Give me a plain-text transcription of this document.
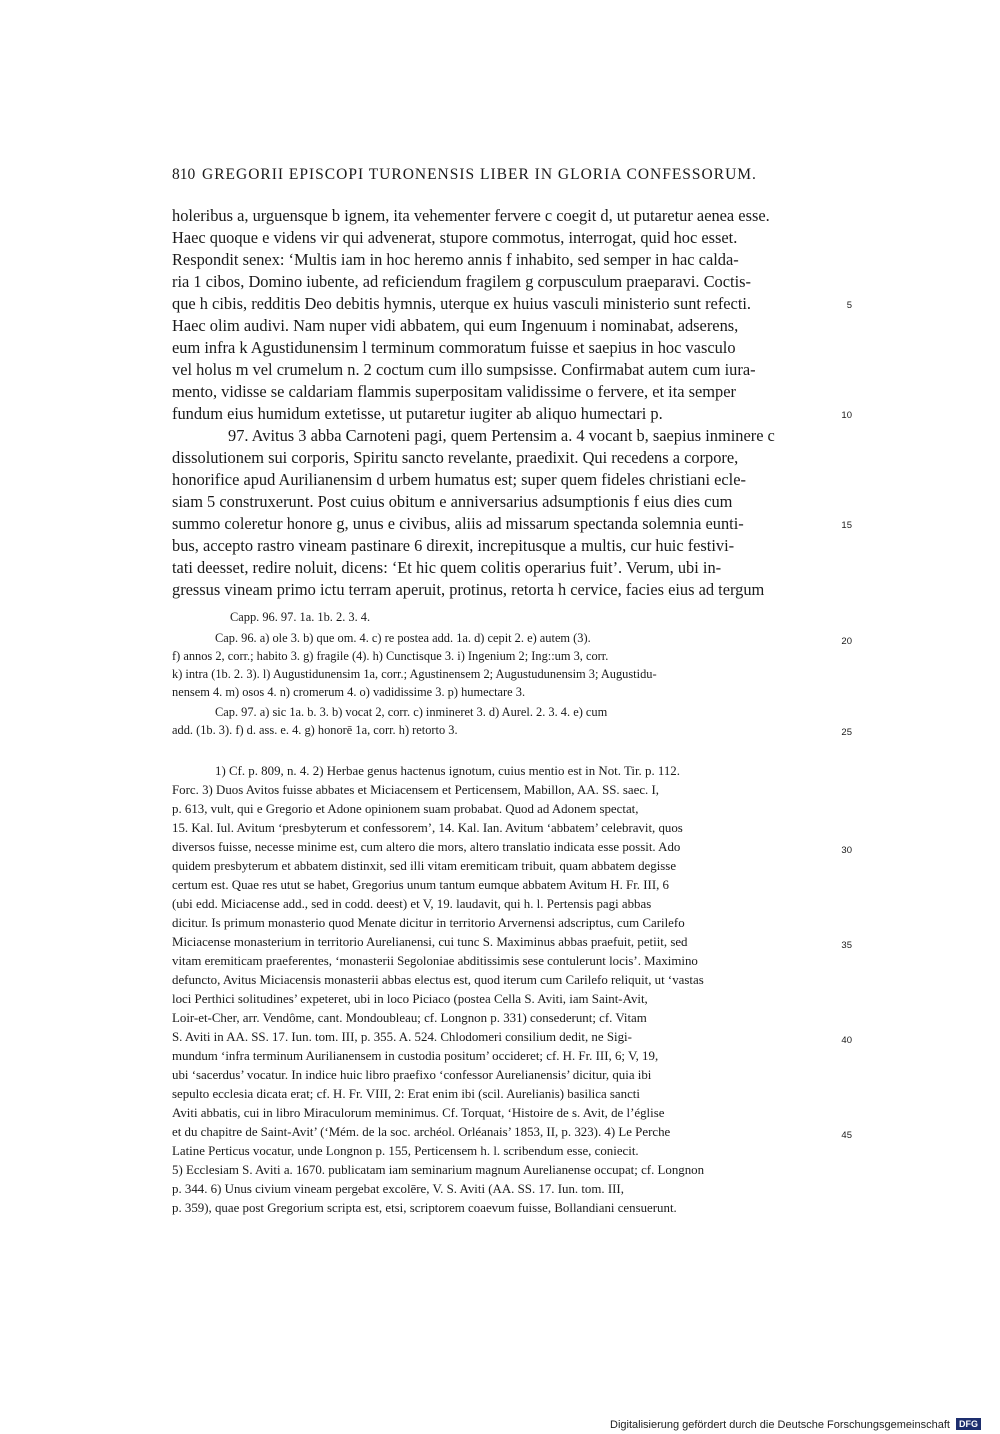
810 GREGORII EPISCOPI TURONENSIS LIBER IN GLORIA CONFESSORUM.
holeribus a, urguensque b ignem, ita vehementer fervere c coegit d, ut putaretur aenea esse.
Haec quoque e videns vir qui advenerat, stupore commotus, interrogat, quid hoc esset.
Respondit senex: ‘Multis iam in hoc heremo annis f inhabito, sed semper in hac calda-
ria 1 cibos, Domino iubente, ad reficiendum fragilem g corpusculum praeparavi. Coctis-
que h cibis, redditis Deo debitis hymnis, uterque ex huius vasculi ministerio sunt refecti.
Haec olim audivi. Nam nuper vidi abbatem, qui eum Ingenuum i nominabat, adserens,
eum infra k Agustidunensim l terminum commoratum fuisse et saepius in hoc vasculo
vel holus m vel crumelum n. 2 coctum cum illo sumpsisse. Confirmabat autem cum iura-
mento, vidisse se caldariam flammis superpositam validissime o fervere, et ita semper
fundum eius humidum extetisse, ut putaretur iugiter ab aliquo humectari p.
97. Avitus 3 abba Carnoteni pagi, quem Pertensim a. 4 vocant b, saepius inminere c
dissolutionem sui corporis, Spiritu sancto revelante, praedixit. Qui recedens a corpore,
honorifice apud Aurilianensim d urbem humatus est; super quem fideles christiani ecle-
siam 5 construxerunt. Post cuius obitum e anniversarius adsumptionis f eius dies cum
summo coleretur honore g, unus e civibus, aliis ad missarum spectanda solemnia eunti-
bus, accepto rastro vineam pastinare 6 direxit, increpitusque a multis, cur huic festivi-
tati deesset, redire noluit, dicens: ‘Et hic quem colitis operarius fuit’. Verum, ubi in-
gressus vineam primo ictu terram aperuit, protinus, retorta h cervice, facies eius ad tergum
5
10
15
Capp. 96. 97. 1a. 1b. 2. 3. 4.
Cap. 96. a) ole 3. b) que om. 4. c) re postea add. 1a. d) cepit 2. e) autem (3).
f) annos 2, corr.; habito 3. g) fragile (4). h) Cunctisque 3. i) Ingenium 2; Ing::um 3, corr.
k) intra (1b. 2. 3). l) Augustidunensim 1a, corr.; Agustinensem 2; Augustudunensim 3; Augustidu-
nensem 4. m) osos 4. n) cromerum 4. o) vadidissime 3. p) humectare 3.
Cap. 97. a) sic 1a. b. 3. b) vocat 2, corr. c) inmineret 3. d) Aurel. 2. 3. 4. e) cum
add. (1b. 3). f) d. ass. e. 4. g) honorē 1a, corr. h) retorto 3.
20
25
1) Cf. p. 809, n. 4. 2) Herbae genus hactenus ignotum, cuius mentio est in Not. Tir. p. 112.
Forc. 3) Duos Avitos fuisse abbates et Miciacensem et Perticensem, Mabillon, AA. SS. saec. I,
p. 613, vult, qui e Gregorio et Adone opinionem suam probabat. Quod ad Adonem spectat,
15. Kal. Iul. Avitum ‘presbyterum et confessorem’, 14. Kal. Ian. Avitum ‘abbatem’ celebravit, quos
diversos fuisse, necesse minime est, cum altero die mors, altero translatio indicata esse possit. Ado
quidem presbyterum et abbatem distinxit, sed illi vitam eremiticam tribuit, quam abbatem degisse
certum est. Quae res utut se habet, Gregorius unum tantum eumque abbatem Avitum H. Fr. III, 6
(ubi edd. Miciacense add., sed in codd. deest) et V, 19. laudavit, qui h. l. Pertensis pagi abbas
dicitur. Is primum monasterio quod Menate dicitur in territorio Arvernensi adscriptus, cum Carilefo
Miciacense monasterium in territorio Aurelianensi, cui tunc S. Maximinus abbas praefuit, petiit, sed
vitam eremiticam praeferentes, ‘monasterii Segoloniae abditissimis sese contulerunt locis’. Maximino
defuncto, Avitus Miciacensis monasterii abbas electus est, quod iterum cum Carilefo reliquit, ut ‘vastas
loci Perthici solitudines’ expeteret, ubi in loco Piciaco (postea Cella S. Aviti, iam Saint-Avit,
Loir-et-Cher, arr. Vendôme, cant. Mondoubleau; cf. Longnon p. 331) consederunt; cf. Vitam
S. Aviti in AA. SS. 17. Iun. tom. III, p. 355. A. 524. Chlodomeri consilium dedit, ne Sigi-
mundum ‘infra terminum Aurilianensem in custodia positum’ occideret; cf. H. Fr. III, 6; V, 19,
ubi ‘sacerdus’ vocatur. In indice huic libro praefixo ‘confessor Aurelianensis’ dicitur, quia ibi
sepulto ecclesia dicata erat; cf. H. Fr. VIII, 2: Erat enim ibi (scil. Aurelianis) basilica sancti
Aviti abbatis, cui in libro Miraculorum meminimus. Cf. Torquat, ‘Histoire de s. Avit, de l’église
et du chapitre de Saint-Avit’ (‘Mém. de la soc. archéol. Orléanais’ 1853, II, p. 323). 4) Le Perche
Latine Perticus vocatur, unde Longnon p. 155, Perticensem h. l. scribendum esse, coniecit.
5) Ecclesiam S. Aviti a. 1670. publicatam iam seminarium magnum Aurelianense occupat; cf. Longnon
p. 344. 6) Unus civium vineam pergebat excolēre, V. S. Aviti (AA. SS. 17. Iun. tom. III,
p. 359), quae post Gregorium scripta est, etsi, scriptorem coaevum fuisse, Bollandiani censuerunt.
30
35
40
45
Digitalisierung gefördert durch die Deutsche Forschungsgemeinschaft DFG
